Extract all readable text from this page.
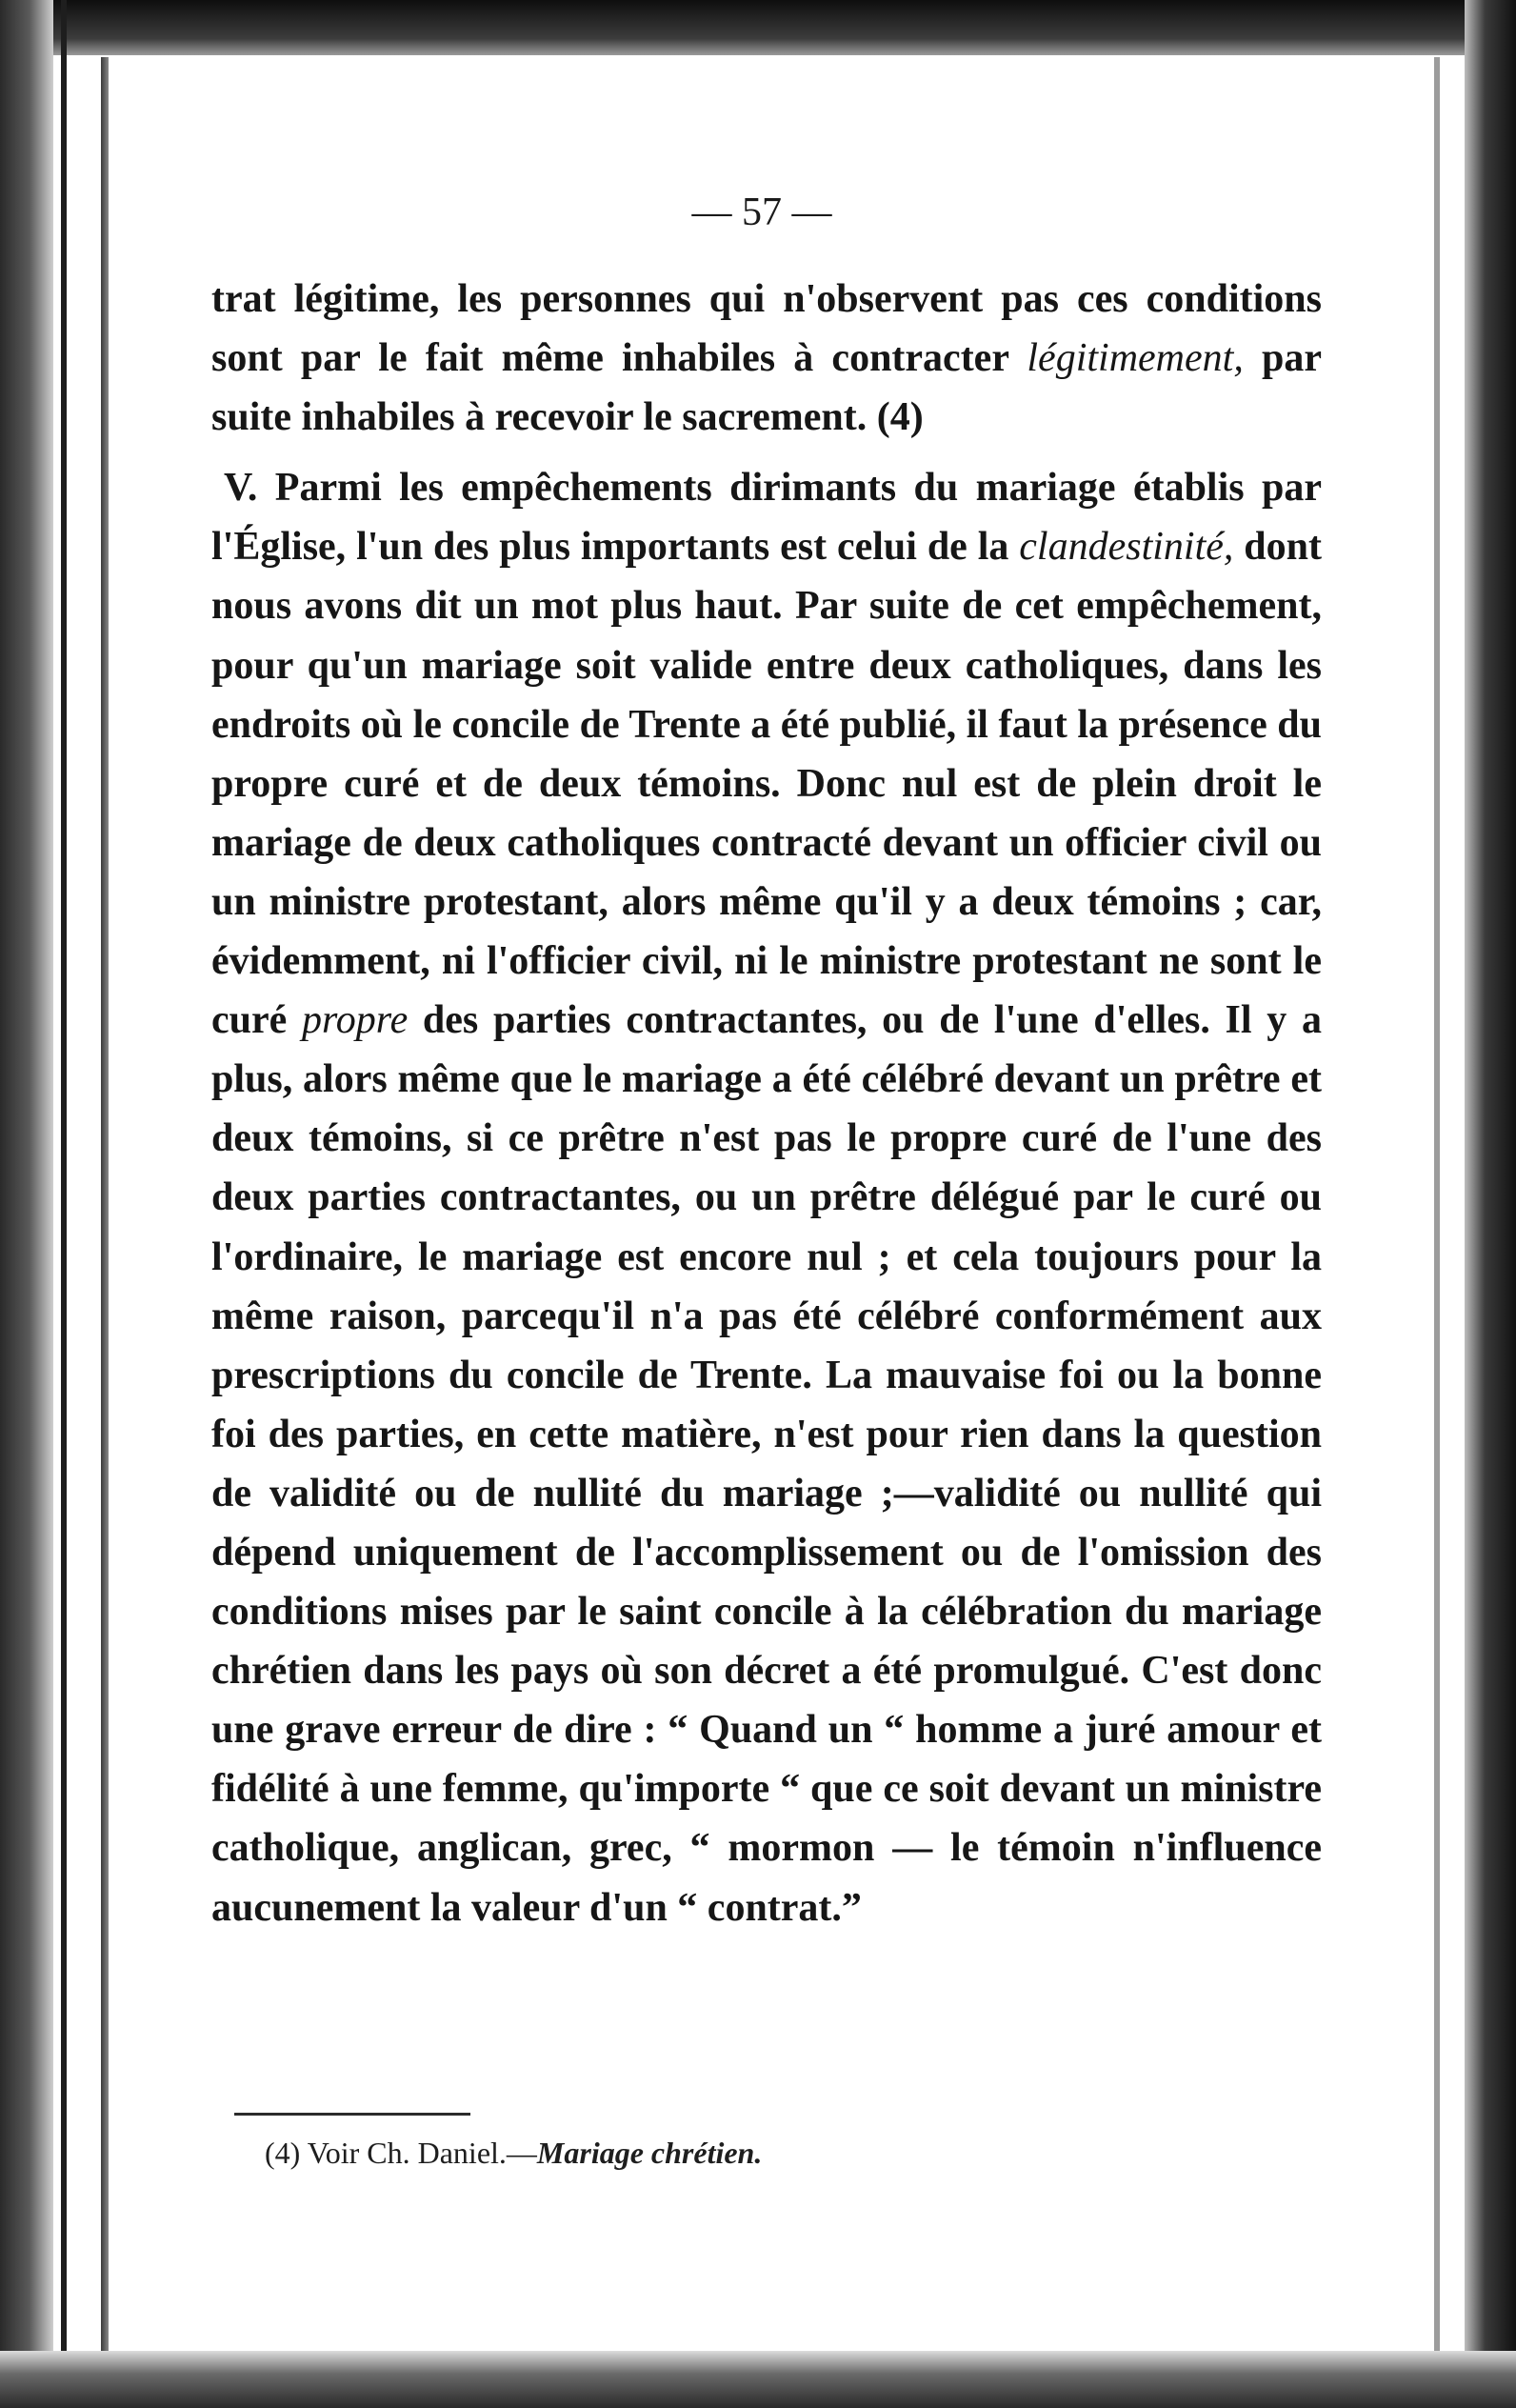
— 57 —

trat légitime, les personnes qui n'observent pas ces conditions sont par le fait même inhabiles à contracter légitimement, par suite inhabiles à recevoir le sacrement. (4)

V. Parmi les empêchements dirimants du mariage établis par l'Église, l'un des plus importants est celui de la clandestinité, dont nous avons dit un mot plus haut. Par suite de cet empêchement, pour qu'un mariage soit valide entre deux catholiques, dans les endroits où le concile de Trente a été publié, il faut la présence du propre curé et de deux témoins. Donc nul est de plein droit le mariage de deux catholiques contracté devant un officier civil ou un ministre protestant, alors même qu'il y a deux témoins ; car, évidemment, ni l'officier civil, ni le ministre protestant ne sont le curé propre des parties contractantes, ou de l'une d'elles. Il y a plus, alors même que le mariage a été célébré devant un prêtre et deux témoins, si ce prêtre n'est pas le propre curé de l'une des deux parties contractantes, ou un prêtre délégué par le curé ou l'ordinaire, le mariage est encore nul ; et cela toujours pour la même raison, parcequ'il n'a pas été célébré conformément aux prescriptions du concile de Trente. La mauvaise foi ou la bonne foi des parties, en cette matière, n'est pour rien dans la question de validité ou de nullité du mariage ;—validité ou nullité qui dépend uniquement de l'accomplissement ou de l'omission des conditions mises par le saint concile à la célébration du mariage chrétien dans les pays où son décret a été promulgué. C'est donc une grave erreur de dire : “ Quand un “ homme a juré amour et fidélité à une femme, qu'importe “ que ce soit devant un ministre catholique, anglican, grec, “ mormon — le témoin n'influence aucunement la valeur d'un “ contrat.”

(4) Voir Ch. Daniel.—Mariage chrétien.
